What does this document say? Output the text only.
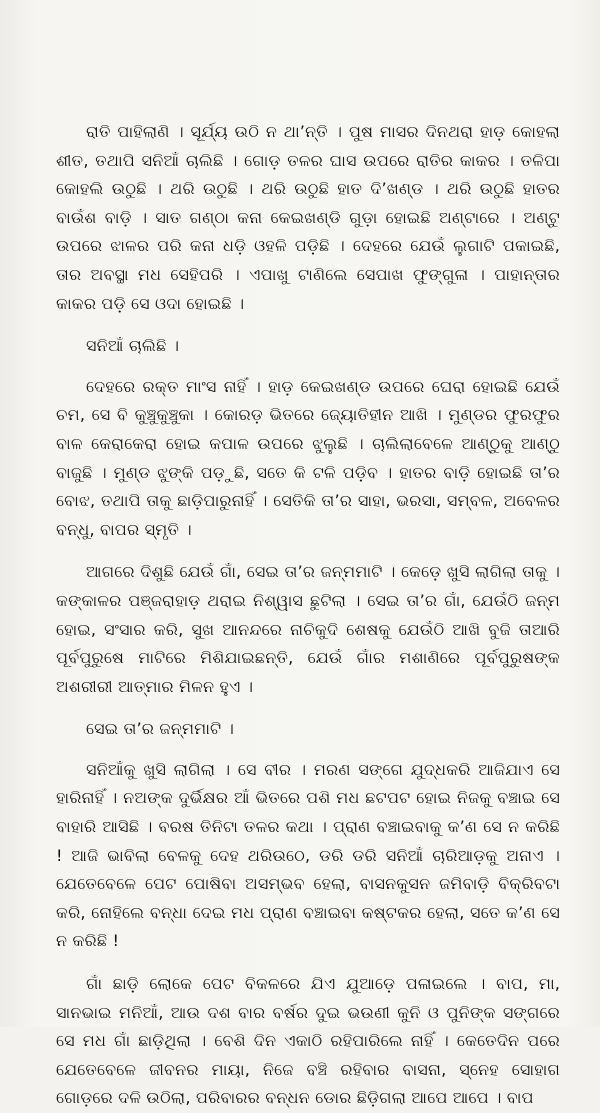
ରାତି ପାହିଲାଣି । ସୂର୍ଯ୍ୟ ଉଠି ନ ଥା’ନ୍ତି । ପୁଷ ମାସର ଦିନଥରା ହାଡ଼ କୋହଲା ଶୀତ, ତଥାପି ସନିଆଁ ଚାଲିଛି । ଗୋଡ଼ ତଳର ଘାସ ଉପରେ ରାତିର କାକର । ତଳିପା କୋହଲି ଉଠୁଛି । ଥରି ଉଠୁଛି । ଥରି ଉଠୁଛି ହାତ ଦି’ଖଣ୍ଡ । ଥରି ଉଠୁଛି ହାତର ବାଉଁଶ ବାଡ଼ି । ସାତ ଗଣ୍ଠା କନା କେଇଖଣ୍ଡି ଗୁଡ଼ା ହୋଇଛି ଅଣ୍ଟାରେ । ଅଣ୍ଟୁ ଉପରେ ଝାଳର ପରି କନା ଧଡ଼ି ଓହଳି ପଡ଼ିଛି । ଦେହରେ ଯେଉଁ ଲୁଗାଟି ପକାଇଛି, ତାର ଅବସ୍ଥା ମଧ ସେହିପରି । ଏପାଖୁ ଟାଣିଲେ ସେପାଖ ଫୁଙ୍ଗୁଳା । ପାହାନ୍ତାର କାକର ପଡ଼ି ସେ ଓଦା ହୋଇଛି ।

ସନିଆଁ ଚାଲିଛି ।

ଦେହରେ ରକ୍ତ ମାଂସ ନାହିଁ । ହାଡ଼ କେଇଖଣ୍ଡ ଉପରେ ଘେରା ହୋଇଛି ଯେଉଁ ଚମ, ସେ ବି କୁଞ୍ଚୁକୁଞ୍ଚୁକା । କୋରଡ଼ ଭିତରେ ଜ୍ୟୋତିହୀନ ଆଖି । ମୁଣ୍ଡର ଫୁରଫୁର ବାଳ କେରାକେରା ହୋଇ କପାଳ ଉପରେ ଝୁଲୁଛି । ଚାଲିଲାବେଳେ ଆଣ୍ଠୁକୁ ଆଣ୍ଠୁ ବାଜୁଛି । ମୁଣ୍ଡ ଝୁଙ୍କି ପଡ଼ୁଛି, ସତେ କି ଟଳି ପଡ଼ିବ । ହାତର ବାଡ଼ି ହୋଇଛି ତା’ର ବୋଝ, ତଥାପି ତାକୁ ଛାଡ଼ିପାରୁନାହିଁ । ସେତିକି ତା’ର ସାହା, ଭରସା, ସମ୍ବଳ, ଅବେଳର ବନ୍ଧୁ, ବାପର ସ୍ମୃତି ।

ଆଗରେ ଦିଶୁଛି ଯେଉଁ ଗାଁ, ସେଇ ତା’ର ଜନ୍ମମାଟି । କେଡ଼େ ଖୁସି ଲାଗିଲା ତାକୁ । କଙ୍କାଳର ପଞ୍ଜରାହାଡ଼ ଥରାଇ ନିଶ୍ୱାସ ଛୁଟିଲା । ସେଇ ତା’ର ଗାଁ, ଯେଉଁଠି ଜନ୍ମ ହୋଇ, ସଂସାର କରି, ସୁଖ ଆନନ୍ଦରେ ନାଚିକୁଦି ଶେଷକୁ ଯେଉଁଠି ଆଖି ବୁଜି ତାଆରି ପୂର୍ବପୁରୁଷେ ମାଟିରେ ମିଶିଯାଇଛନ୍ତି, ଯେଉଁ ଗାଁର ମଶାଣିରେ ପୂର୍ବପୁରୁଷଙ୍କ ଅଶରୀରୀ ଆତ୍ମାର ମିଳନ ହୁଏ ।

ସେଇ ତା’ର ଜନ୍ମମାଟି ।

ସନିଆଁକୁ ଖୁସି ଲାଗିଲା । ସେ ବୀର । ମରଣ ସଙ୍ଗେ ଯୁଦ୍ଧକରି ଆଜିଯାଏ ସେ ହାରିନାହିଁ । ନଅଙ୍କ ଦୁର୍ଭିକ୍ଷର ଆଁ ଭିତରେ ପଶି ମଧ ଛଟପଟ ହୋଇ ନିଜକୁ ବଞ୍ଚାଇ ସେ ବାହାରି ଆସିଛି । ବରଷ ତିନିଟା ତଳର କଥା । ପ୍ରାଣ ବଞ୍ଚାଇବାକୁ କ’ଣ ସେ ନ କରିଛି ! ଆଜି ଭାବିଲା ବେଳକୁ ଦେହ ଥରିଉଠେ, ଡରି ଡରି ସନିଆଁ ଚାରିଆଡ଼କୁ ଅନାଏ । ଯେତେବେଳେ ପେଟ ପୋଷିବା ଅସମ୍ଭବ ହେଲା, ବାସନକୁସନ ଜମିବାଡ଼ି ବିକ୍ରିବଟା କରି, ନୋହିଲେ ବନ୍ଧା ଦେଇ ମଧ ପ୍ରାଣ ବଞ୍ଚାଇବା କଷ୍ଟକର ହେଲା, ସତେ କ’ଣ ସେ ନ କରିଛି !

ଗାଁ ଛାଡ଼ି ଲୋକେ ପେଟ ବିକଳରେ ଯିଏ ଯୁଆଡ଼େ ପଳାଇଲେ । ବାପ, ମା, ସାନଭାଇ ମନିଆଁ, ଆଉ ଦଶ ବାର ବର୍ଷର ଦୁଇ ଭଉଣୀ କୁନି ଓ ପୁନିଙ୍କ ସଙ୍ଗରେ ସେ ମଧ ଗାଁ ଛାଡ଼ିଥିଲା । ବେଶି ଦିନ ଏକାଠି ରହିପାରିଲେ ନାହିଁ । କେତେଦିନ ପରେ ଯେତେବେଳେ ଜୀବନର ମାୟା, ନିଜେ ବଞ୍ଚି ରହିବାର ବାସନା, ସ୍ନେହ ସୋହାଗ ଗୋଡ଼ରେ ଦଳି ଉଠିଲା, ପରିବାରର ବନ୍ଧନ ଡୋର ଛିଡ଼ିଗଲା ଆପେ ଆପେ । ବାପ
